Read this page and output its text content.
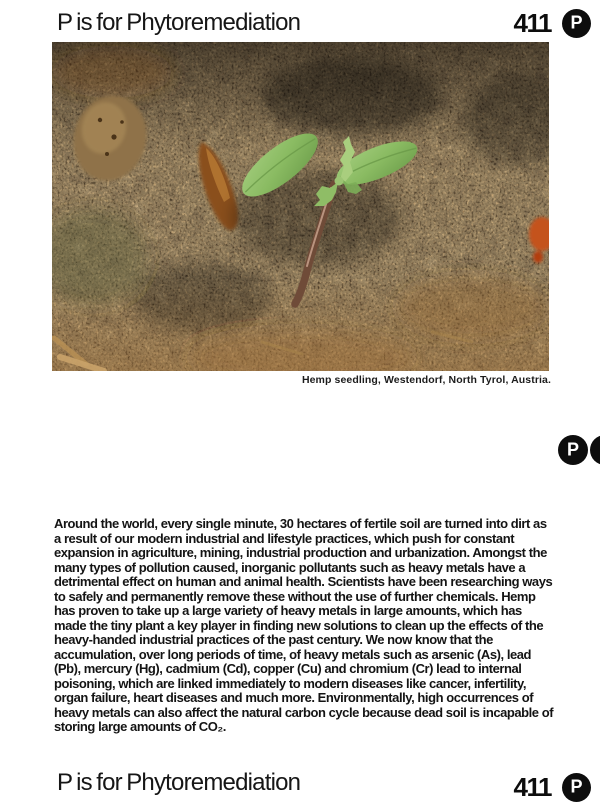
P is for Phytoremediation	411 P
Hemp seedling, Westendorf, North Tyrol, Austria.
P
Around the world, every single minute, 30 hectares of fertile soil are turned into dirt as a result of our modern industrial and lifestyle practices, which push for constant expansion in agriculture, mining, industrial production and urbanization. Amongst the many types of pollution caused, inorganic pollutants such as heavy metals have a detrimental effect on human and animal health. Scientists have been researching ways to safely and permanently remove these without the use of further chemicals. Hemp has proven to take up a large variety of heavy metals in large amounts, which has made the tiny plant a key player in finding new solutions to clean up the effects of the heavy-handed industrial practices of the past century. We now know that the accumulation, over long periods of time, of heavy metals such as arsenic (As), lead (Pb), mercury (Hg), cadmium (Cd), copper (Cu) and chromium (Cr) lead to internal poisoning, which are linked immediately to modern diseases like cancer, infertility, organ failure, heart diseases and much more. Environmentally, high occurrences of heavy metals can also affect the natural carbon cycle because dead soil is incapable of storing large amounts of CO₂.
P is for Phytoremediation	411 P
